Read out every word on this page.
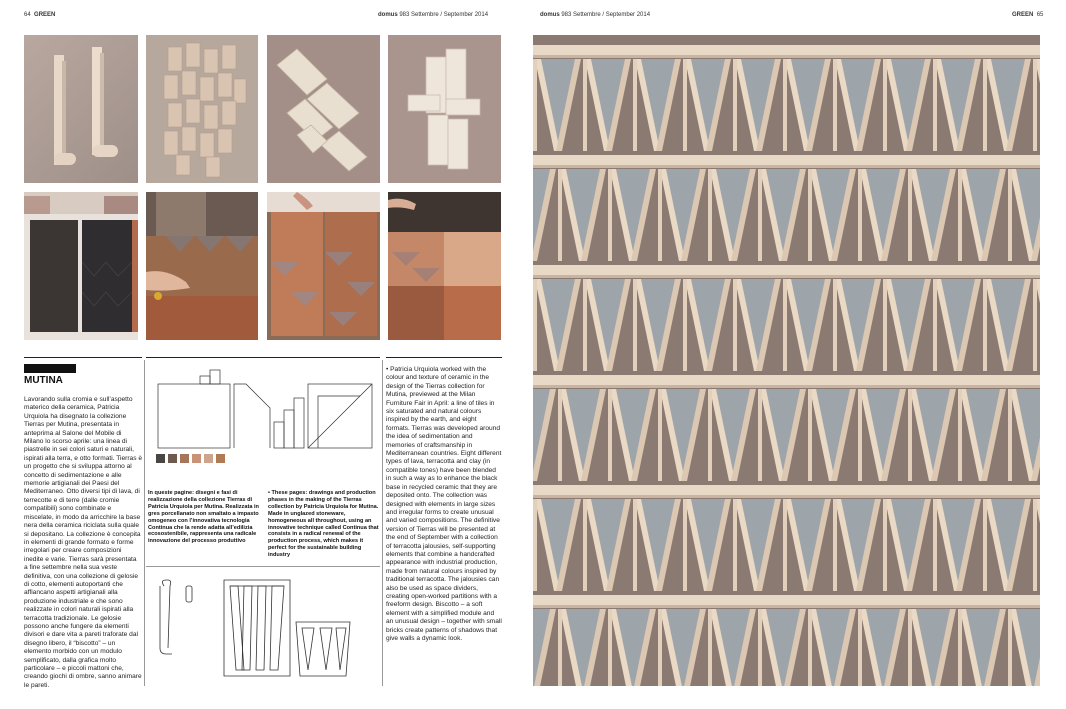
64 GREEN	domus 983 Settembre / September 2014	domus 983 Settembre / September 2014	GREEN 65
MUTINA
Lavorando sulla cromia e sull’aspetto materico della ceramica, Patricia Urquiola ha disegnato la collezione Tierras per Mutina, presentata in anteprima al Salone del Mobile di Milano lo scorso aprile: una linea di piastrelle in sei colori saturi e naturali, ispirati alla terra, e otto formati. Tierras è un progetto che si sviluppa attorno al concetto di sedimentazione e alle memorie artigianali dei Paesi del Mediterraneo. Otto diversi tipi di lava, di terrecotte e di terre (dalle cromie compatibili) sono combinate e miscelate, in modo da arricchire la base nera della ceramica riciclata sulla quale si depositano. La collezione è concepita in elementi di grande formato e forme irregolari per creare composizioni inedite e varie. Tierras sarà presentata a fine settembre nella sua veste definitiva, con una collezione di gelosie di cotto, elementi autoportanti che affiancano aspetti artigianali alla produzione industriale e che sono realizzate in colori naturali ispirati alla terracotta tradizionale. Le gelosie possono anche fungere da elementi divisori e dare vita a pareti traforate dal disegno libero, il “biscotto” – un elemento morbido con un modulo semplificato, dalla grafica molto particolare – e piccoli mattoni che, creando giochi di ombre, sanno animare le pareti.
In queste pagine: disegni e fasi di realizzazione della collezione Tierras di Patricia Urquiola per Mutina. Realizzata in gres porcellanato non smaltato a impasto omogeneo con l’innovativa tecnologia Continua che la rende adatta all’edilizia ecosostenibile, rappresenta una radicale innovazione del processo produttivo
• These pages: drawings and production phases in the making of the Tierras collection by Patricia Urquiola for Mutina. Made in unglazed stoneware, homogeneous all throughout, using an innovative technique called Continua that consists in a radical renewal of the production process, which makes it perfect for the sustainable building industry
• Patricia Urquiola worked with the colour and texture of ceramic in the design of the Tierras collection for Mutina, previewed at the Milan Furniture Fair in April: a line of tiles in six saturated and natural colours inspired by the earth, and eight formats. Tierras was developed around the idea of sedimentation and memories of craftsmanship in Mediterranean countries. Eight different types of lava, terracotta and clay (in compatible tones) have been blended in such a way as to enhance the black base in recycled ceramic that they are deposited onto. The collection was designed with elements in large sizes and irregular forms to create unusual and varied compositions. The definitive version of Tierras will be presented at the end of September with a collection of terracotta jalousies, self-supporting elements that combine a handcrafted appearance with industrial production, made from natural colours inspired by traditional terracotta. The jalousies can also be used as space dividers, creating open-worked partitions with a freeform design. Biscotto – a soft element with a simplified module and an unusual design – together with small bricks create patterns of shadows that give walls a dynamic look.
